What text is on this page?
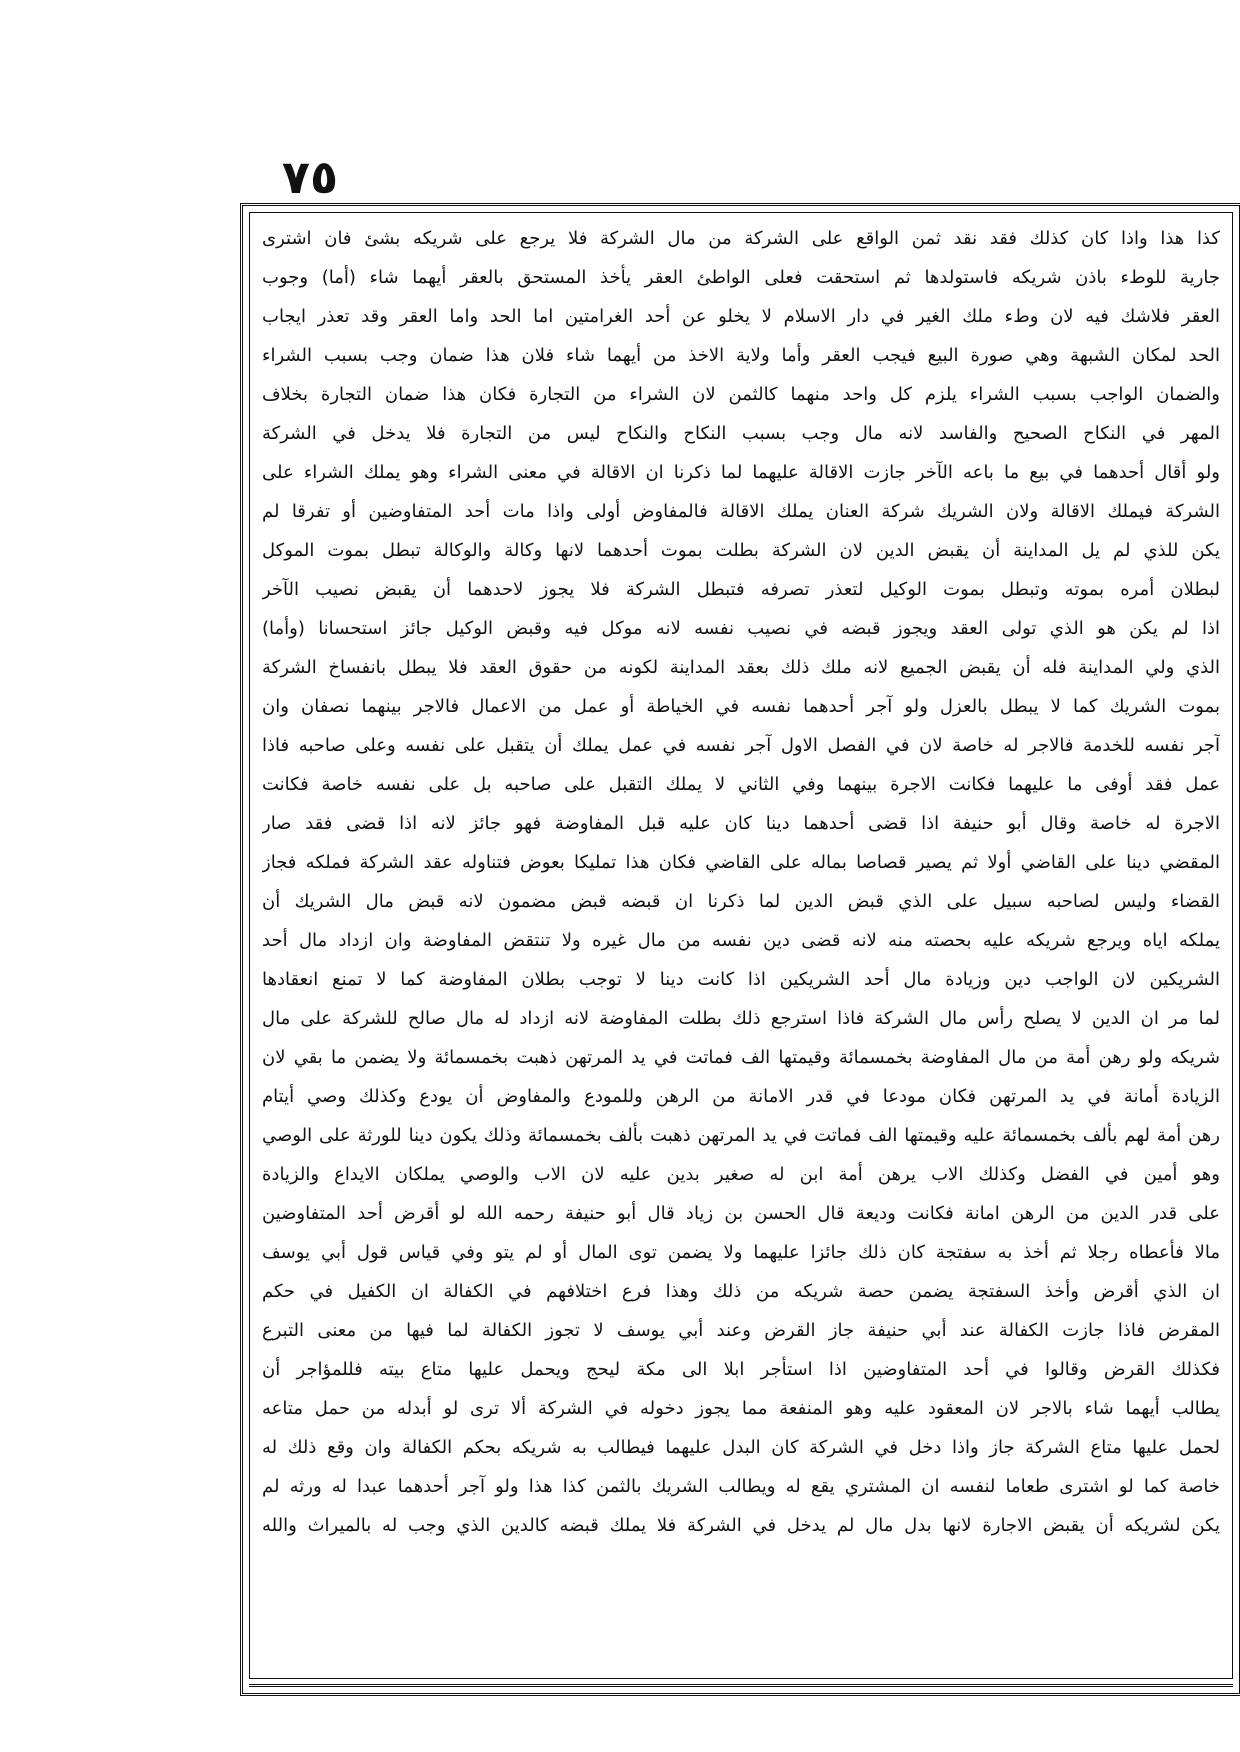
٧٥
كذا هذا واذا كان كذلك فقد نقد ثمن الواقع على الشركة من مال الشركة فلا يرجع على شريكه بشئ فان اشترى
جارية للوطء باذن شريكه فاستولدها ثم استحقت فعلى الواطئ العقر يأخذ المستحق بالعقر أيهما شاء (أما) وجوب
العقر فلاشك فيه لان وطء ملك الغير في دار الاسلام لا يخلو عن أحد الغرامتين اما الحد واما العقر وقد تعذر ايجاب
الحد لمكان الشبهة وهي صورة البيع فيجب العقر وأما ولاية الاخذ من أيهما شاء فلان هذا ضمان وجب بسبب الشراء
والضمان الواجب بسبب الشراء يلزم كل واحد منهما كالثمن لان الشراء من التجارة فكان هذا ضمان التجارة بخلاف
المهر في النكاح الصحيح والفاسد لانه مال وجب بسبب النكاح والنكاح ليس من التجارة فلا يدخل في الشركة
ولو أقال أحدهما في بيع ما باعه الآخر جازت الاقالة عليهما لما ذكرنا ان الاقالة في معنى الشراء وهو يملك الشراء على
الشركة فيملك الاقالة ولان الشريك شركة العنان يملك الاقالة فالمفاوض أولى واذا مات أحد المتفاوضين أو تفرقا لم
يكن للذي لم يل المداينة أن يقبض الدين لان الشركة بطلت بموت أحدهما لانها وكالة والوكالة تبطل بموت الموكل
لبطلان أمره بموته وتبطل بموت الوكيل لتعذر تصرفه فتبطل الشركة فلا يجوز لاحدهما أن يقبض نصيب الآخر
اذا لم يكن هو الذي تولى العقد ويجوز قبضه في نصيب نفسه لانه موكل فيه وقبض الوكيل جائز استحسانا (وأما)
الذي ولي المداينة فله أن يقبض الجميع لانه ملك ذلك بعقد المداينة لكونه من حقوق العقد فلا يبطل بانفساخ الشركة
بموت الشريك كما لا يبطل بالعزل ولو آجر أحدهما نفسه في الخياطة أو عمل من الاعمال فالاجر بينهما نصفان وان
آجر نفسه للخدمة فالاجر له خاصة لان في الفصل الاول آجر نفسه في عمل يملك أن يتقبل على نفسه وعلى صاحبه فاذا
عمل فقد أوفى ما عليهما فكانت الاجرة بينهما وفي الثاني لا يملك التقبل على صاحبه بل على نفسه خاصة فكانت
الاجرة له خاصة وقال أبو حنيفة اذا قضى أحدهما دينا كان عليه قبل المفاوضة فهو جائز لانه اذا قضى فقد صار
المقضي دينا على القاضي أولا ثم يصير قصاصا بماله على القاضي فكان هذا تمليكا بعوض فتناوله عقد الشركة فملكه فجاز
القضاء وليس لصاحبه سبيل على الذي قبض الدين لما ذكرنا ان قبضه قبض مضمون لانه قبض مال الشريك أن
يملكه اياه ويرجع شريكه عليه بحصته منه لانه قضى دين نفسه من مال غيره ولا تنتقض المفاوضة وان ازداد مال أحد
الشريكين لان الواجب دين وزيادة مال أحد الشريكين اذا كانت دينا لا توجب بطلان المفاوضة كما لا تمنع انعقادها
لما مر ان الدين لا يصلح رأس مال الشركة فاذا استرجع ذلك بطلت المفاوضة لانه ازداد له مال صالح للشركة على مال
شريكه ولو رهن أمة من مال المفاوضة بخمسمائة وقيمتها الف فماتت في يد المرتهن ذهبت بخمسمائة ولا يضمن ما بقي لان
الزيادة أمانة في يد المرتهن فكان مودعا في قدر الامانة من الرهن وللمودع والمفاوض أن يودع وكذلك وصي أيتام
رهن أمة لهم بألف بخمسمائة عليه وقيمتها الف فماتت في يد المرتهن ذهبت بألف بخمسمائة وذلك يكون دينا للورثة على الوصي
وهو أمين في الفضل وكذلك الاب يرهن أمة ابن له صغير بدين عليه لان الاب والوصي يملكان الايداع والزيادة
على قدر الدين من الرهن امانة فكانت وديعة قال الحسن بن زياد قال أبو حنيفة رحمه الله لو أقرض أحد المتفاوضين
مالا فأعطاه رجلا ثم أخذ به سفتجة كان ذلك جائزا عليهما ولا يضمن توى المال أو لم يتو وفي قياس قول أبي يوسف
ان الذي أقرض وأخذ السفتجة يضمن حصة شريكه من ذلك وهذا فرع اختلافهم في الكفالة ان الكفيل في حكم
المقرض فاذا جازت الكفالة عند أبي حنيفة جاز القرض وعند أبي يوسف لا تجوز الكفالة لما فيها من معنى التبرع
فكذلك القرض وقالوا في أحد المتفاوضين اذا استأجر ابلا الى مكة ليحج ويحمل عليها متاع بيته فللمؤاجر أن
يطالب أيهما شاء بالاجر لان المعقود عليه وهو المنفعة مما يجوز دخوله في الشركة ألا ترى لو أبدله من حمل متاعه
لحمل عليها متاع الشركة جاز واذا دخل في الشركة كان البدل عليهما فيطالب به شريكه بحكم الكفالة وان وقع ذلك له
خاصة كما لو اشترى طعاما لنفسه ان المشتري يقع له ويطالب الشريك بالثمن كذا هذا ولو آجر أحدهما عبدا له ورثه لم
يكن لشريكه أن يقبض الاجارة لانها بدل مال لم يدخل في الشركة فلا يملك قبضه كالدين الذي وجب له بالميراث والله
